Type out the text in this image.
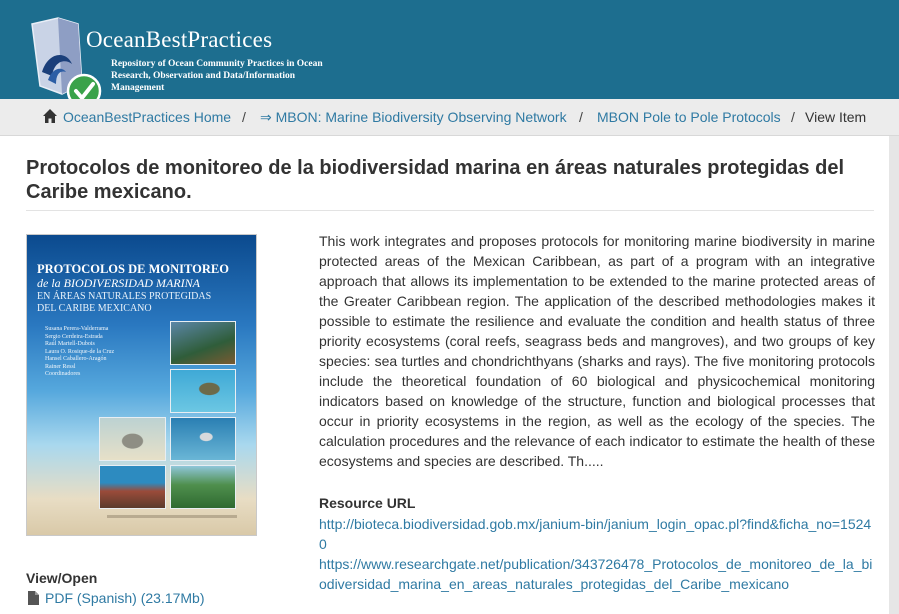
OceanBestPractices
Repository of Ocean Community Practices in Ocean Research, Observation and Data/Information Management
OceanBestPractices Home / ⇒ MBON: Marine Biodiversity Observing Network / MBON Pole to Pole Protocols / View Item
Protocolos de monitoreo de la biodiversidad marina en áreas naturales protegidas del Caribe mexicano.
PROTOCOLOS DE MONITOREO
de la BIODIVERSIDAD MARINA
EN ÁREAS NATURALES PROTEGIDAS
DEL CARIBE MEXICANO
Susana Perera-Valderrama
Sergio Cerdeira-Estrada
Raúl Martell-Dubois
Laura O. Rosique-de la Cruz
Hansel Caballero-Aragón
Rainer Ressl
Coordinadores
This work integrates and proposes protocols for monitoring marine biodiversity in marine protected areas of the Mexican Caribbean, as part of a program with an integrative approach that allows its implementation to be extended to the marine protected areas of the Greater Caribbean region. The application of the described methodologies makes it possible to estimate the resilience and evaluate the condition and health status of three priority ecosystems (coral reefs, seagrass beds and mangroves), and two groups of key species: sea turtles and chondrichthyans (sharks and rays). The five monitoring protocols include the theoretical foundation of 60 biological and physicochemical monitoring indicators based on knowledge of the structure, function and biological processes that occur in priority ecosystems in the region, as well as the ecology of the species. The calculation procedures and the relevance of each indicator to estimate the health of these ecosystems and species are described. Th.....
Resource URL
http://bioteca.biodiversidad.gob.mx/janium-bin/janium_login_opac.pl?find&ficha_no=15240
https://www.researchgate.net/publication/343726478_Protocolos_de_monitoreo_de_la_biodiversidad_marina_en_areas_naturales_protegidas_del_Caribe_mexicano
View/Open
PDF (Spanish) (23.17Mb)
